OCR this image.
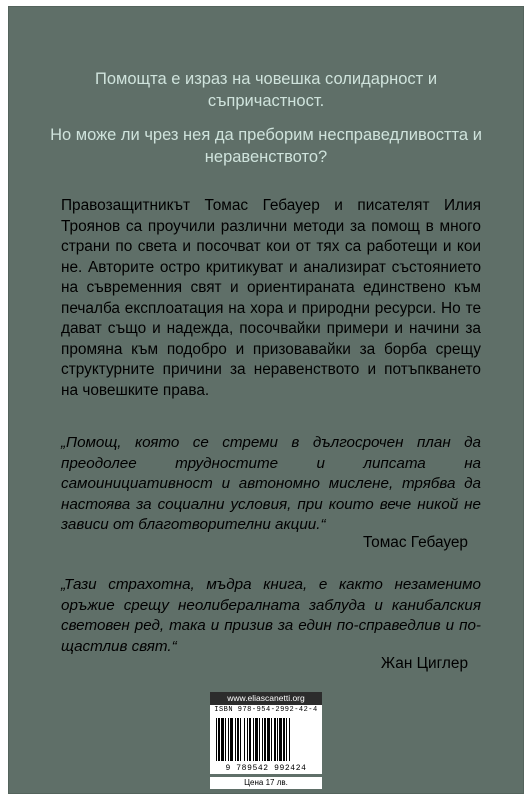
Помощта е израз на човешка солидарност и съпричастност.

Но може ли чрез нея да преборим несправедливостта и неравенството?

Правозащитникът Томас Гебауер и писателят Илия Троянов са проучили различни методи за помощ в много страни по света и посочват кои от тях са работещи и кои не. Авторите остро критикуват и анализират състоянието на съвременния свят и ориентираната единствено към печалба експлоатация на хора и природни ресурси. Но те дават също и надежда, посочвайки примери и начини за промяна към подобро и призовавайки за борба срещу структурните причини за неравенството и потъпкването на човешките права.
„Помощ, която се стреми в дългосрочен план да преодолее трудностите и липсата на самоинициативност и автономно мислене, трябва да настоява за социални условия, при които вече никой не зависи от благотворителни акции.“
Томас Гебауер
„Тази страхотна, мъдра книга, е както незаменимо оръжие срещу неолибералната заблуда и канибалския световен ред, така и призив за един по-справедлив и по-щастлив свят.“
Жан Циглер
www.eliascanetti.org
ISBN 978-954-2992-42-4
9 789542 992424
Цена 17 лв.
